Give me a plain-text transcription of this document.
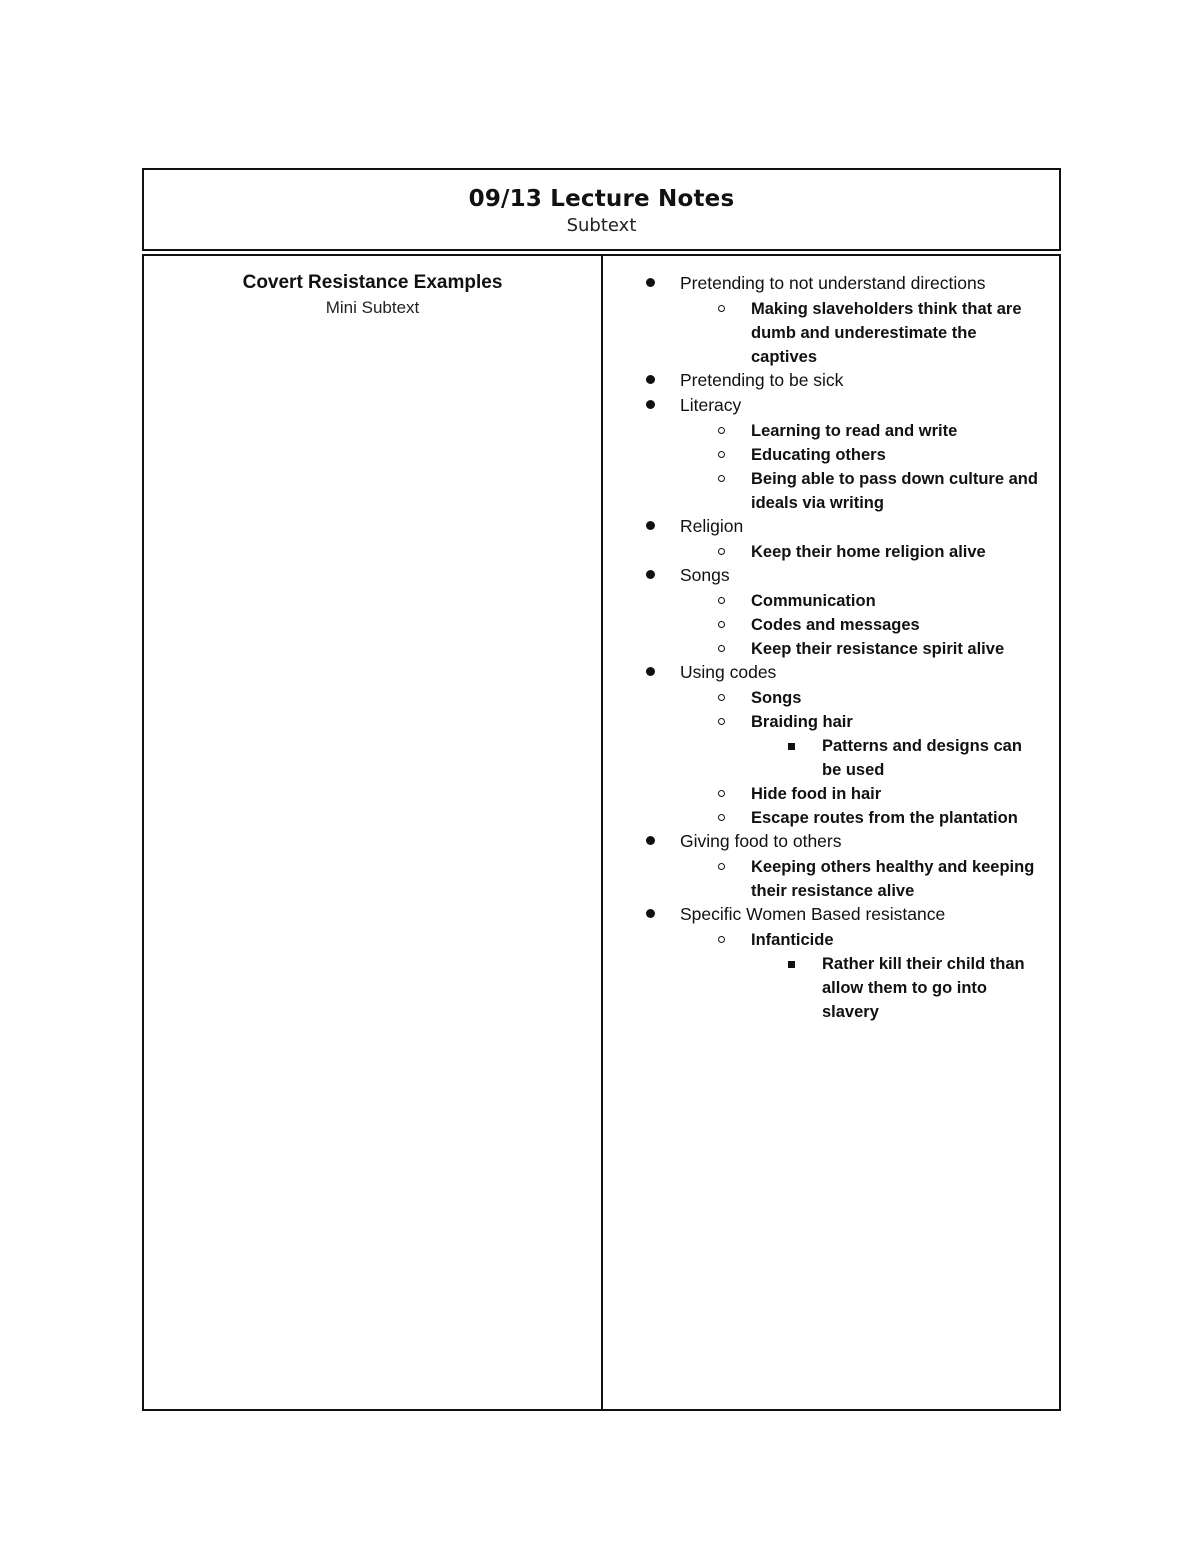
09/13 Lecture Notes
Subtext
Covert Resistance Examples
Mini Subtext
Pretending to not understand directions
Making slaveholders think that are dumb and underestimate the captives
Pretending to be sick
Literacy
Learning to read and write
Educating others
Being able to pass down culture and ideals via writing
Religion
Keep their home religion alive
Songs
Communication
Codes and messages
Keep their resistance spirit alive
Using codes
Songs
Braiding hair
Patterns and designs can be used
Hide food in hair
Escape routes from the plantation
Giving food to others
Keeping others healthy and keeping their resistance alive
Specific Women Based resistance
Infanticide
Rather kill their child than allow them to go into slavery
